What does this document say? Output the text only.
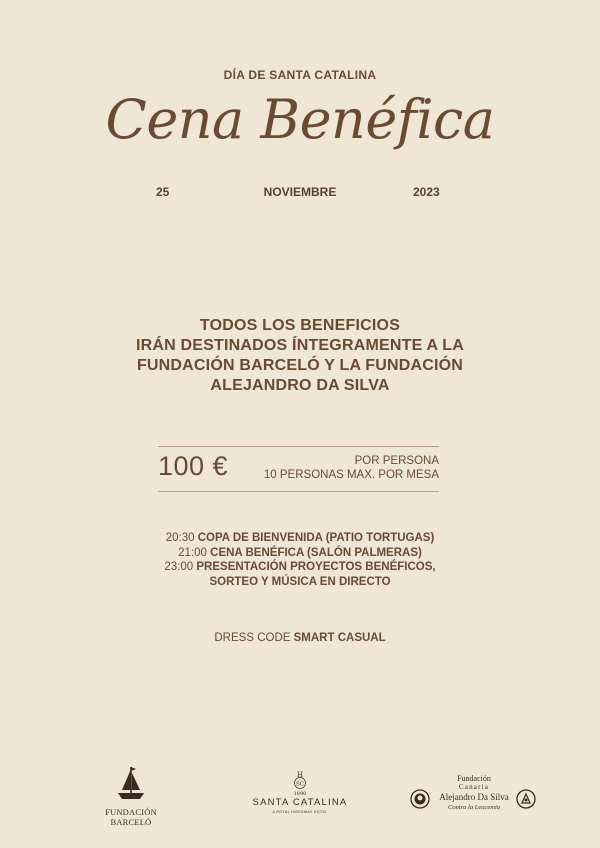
DÍA DE SANTA CATALINA
Cena Benéfica
25	NOVIEMBRE	2023
TODOS LOS BENEFICIOS
IRÁN DESTINADOS ÍNTEGRAMENTE A LA
FUNDACIÓN BARCELÓ Y LA FUNDACIÓN
ALEJANDRO DA SILVA
100 €	POR PERSONA
10 PERSONAS MAX. POR MESA
20:30 COPA DE BIENVENIDA (PATIO TORTUGAS)
21:00 CENA BENÉFICA (SALÓN PALMERAS)
23:00 PRESENTACIÓN PROYECTOS BENÉFICOS,
SORTEO Y MÚSICA EN DIRECTO
DRESS CODE SMART CASUAL
FUNDACIÓN BARCELÓ
H
SC
1890
SANTA CATALINA
A ROYAL HIDEAWAY HOTEL
Fundación
Canaria
Alejandro Da Silva
Contra la Leucemia
